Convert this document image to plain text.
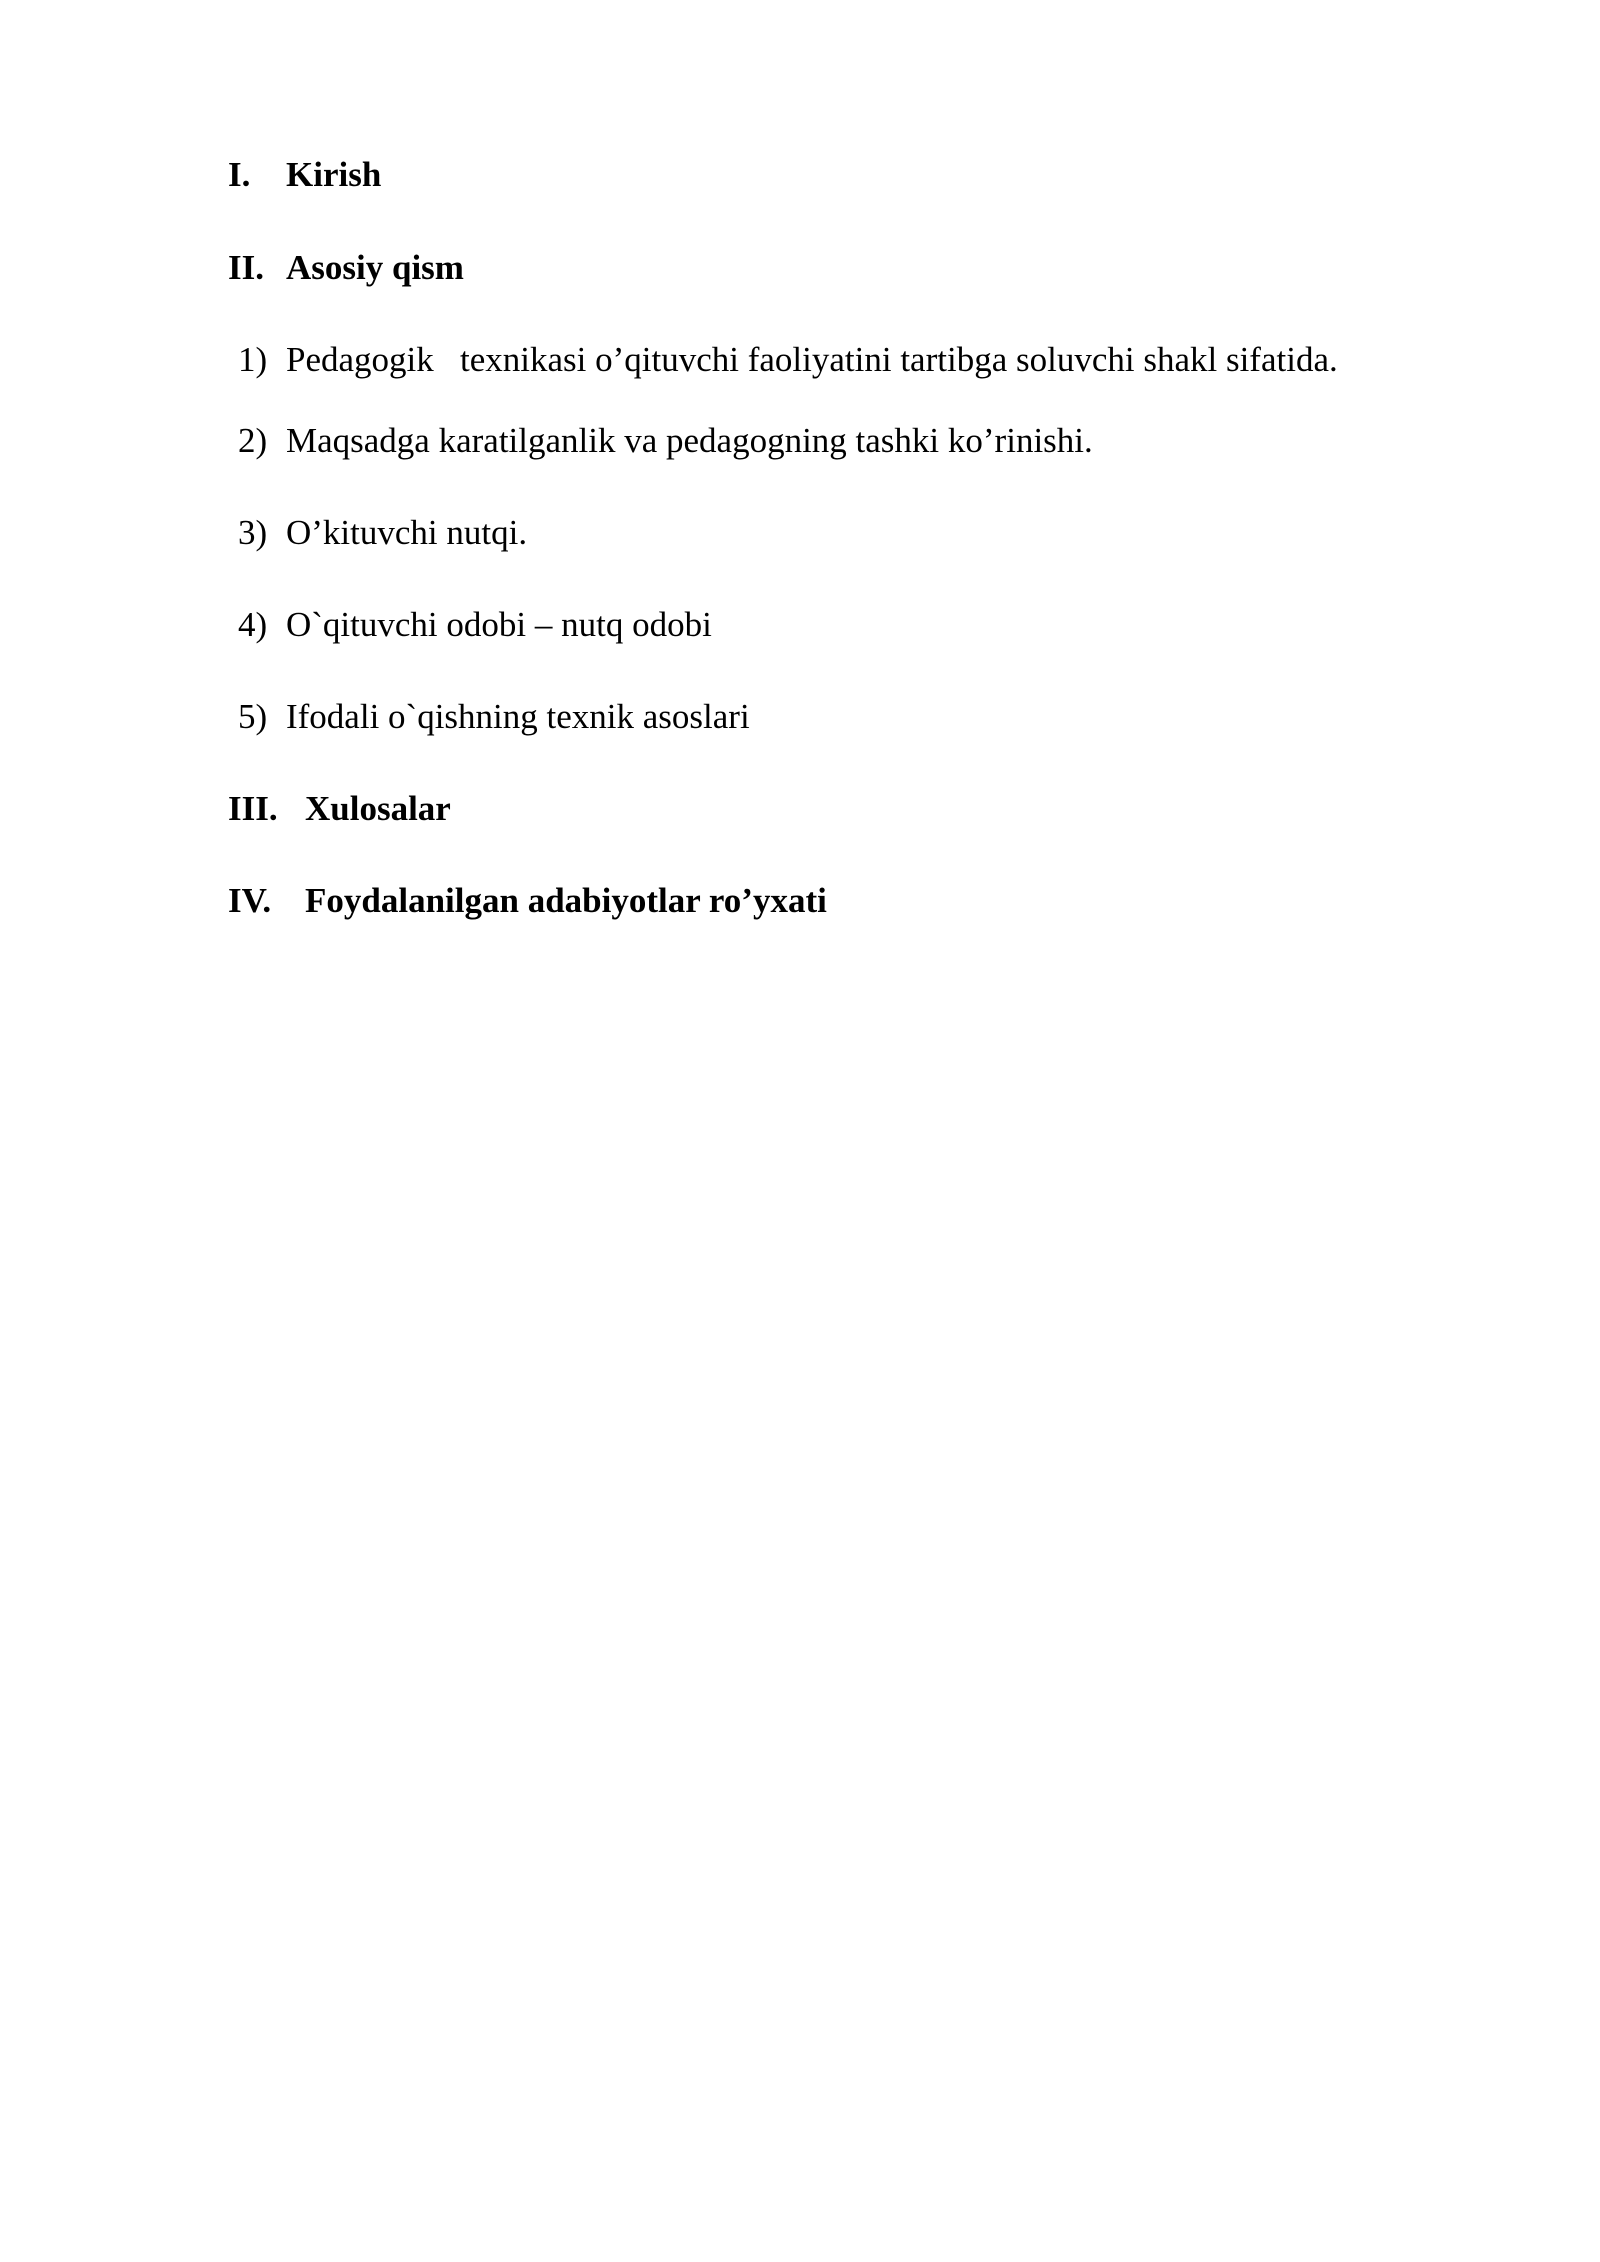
I.

Kirish

II.

Asosiy qism

1)

Pedagogik   texnikasi o’qituvchi faoliyatini tartibga soluvchi shakl sifatida.

2)

Maqsadga karatilganlik va pedagogning tashki ko’rinishi.

3)

O’kituvchi nutqi.

4)

O`qituvchi odobi – nutq odobi

5)

Ifodali o`qishning texnik asoslari

III.

Xulosalar

IV.

Foydalanilgan adabiyotlar ro’yxati
